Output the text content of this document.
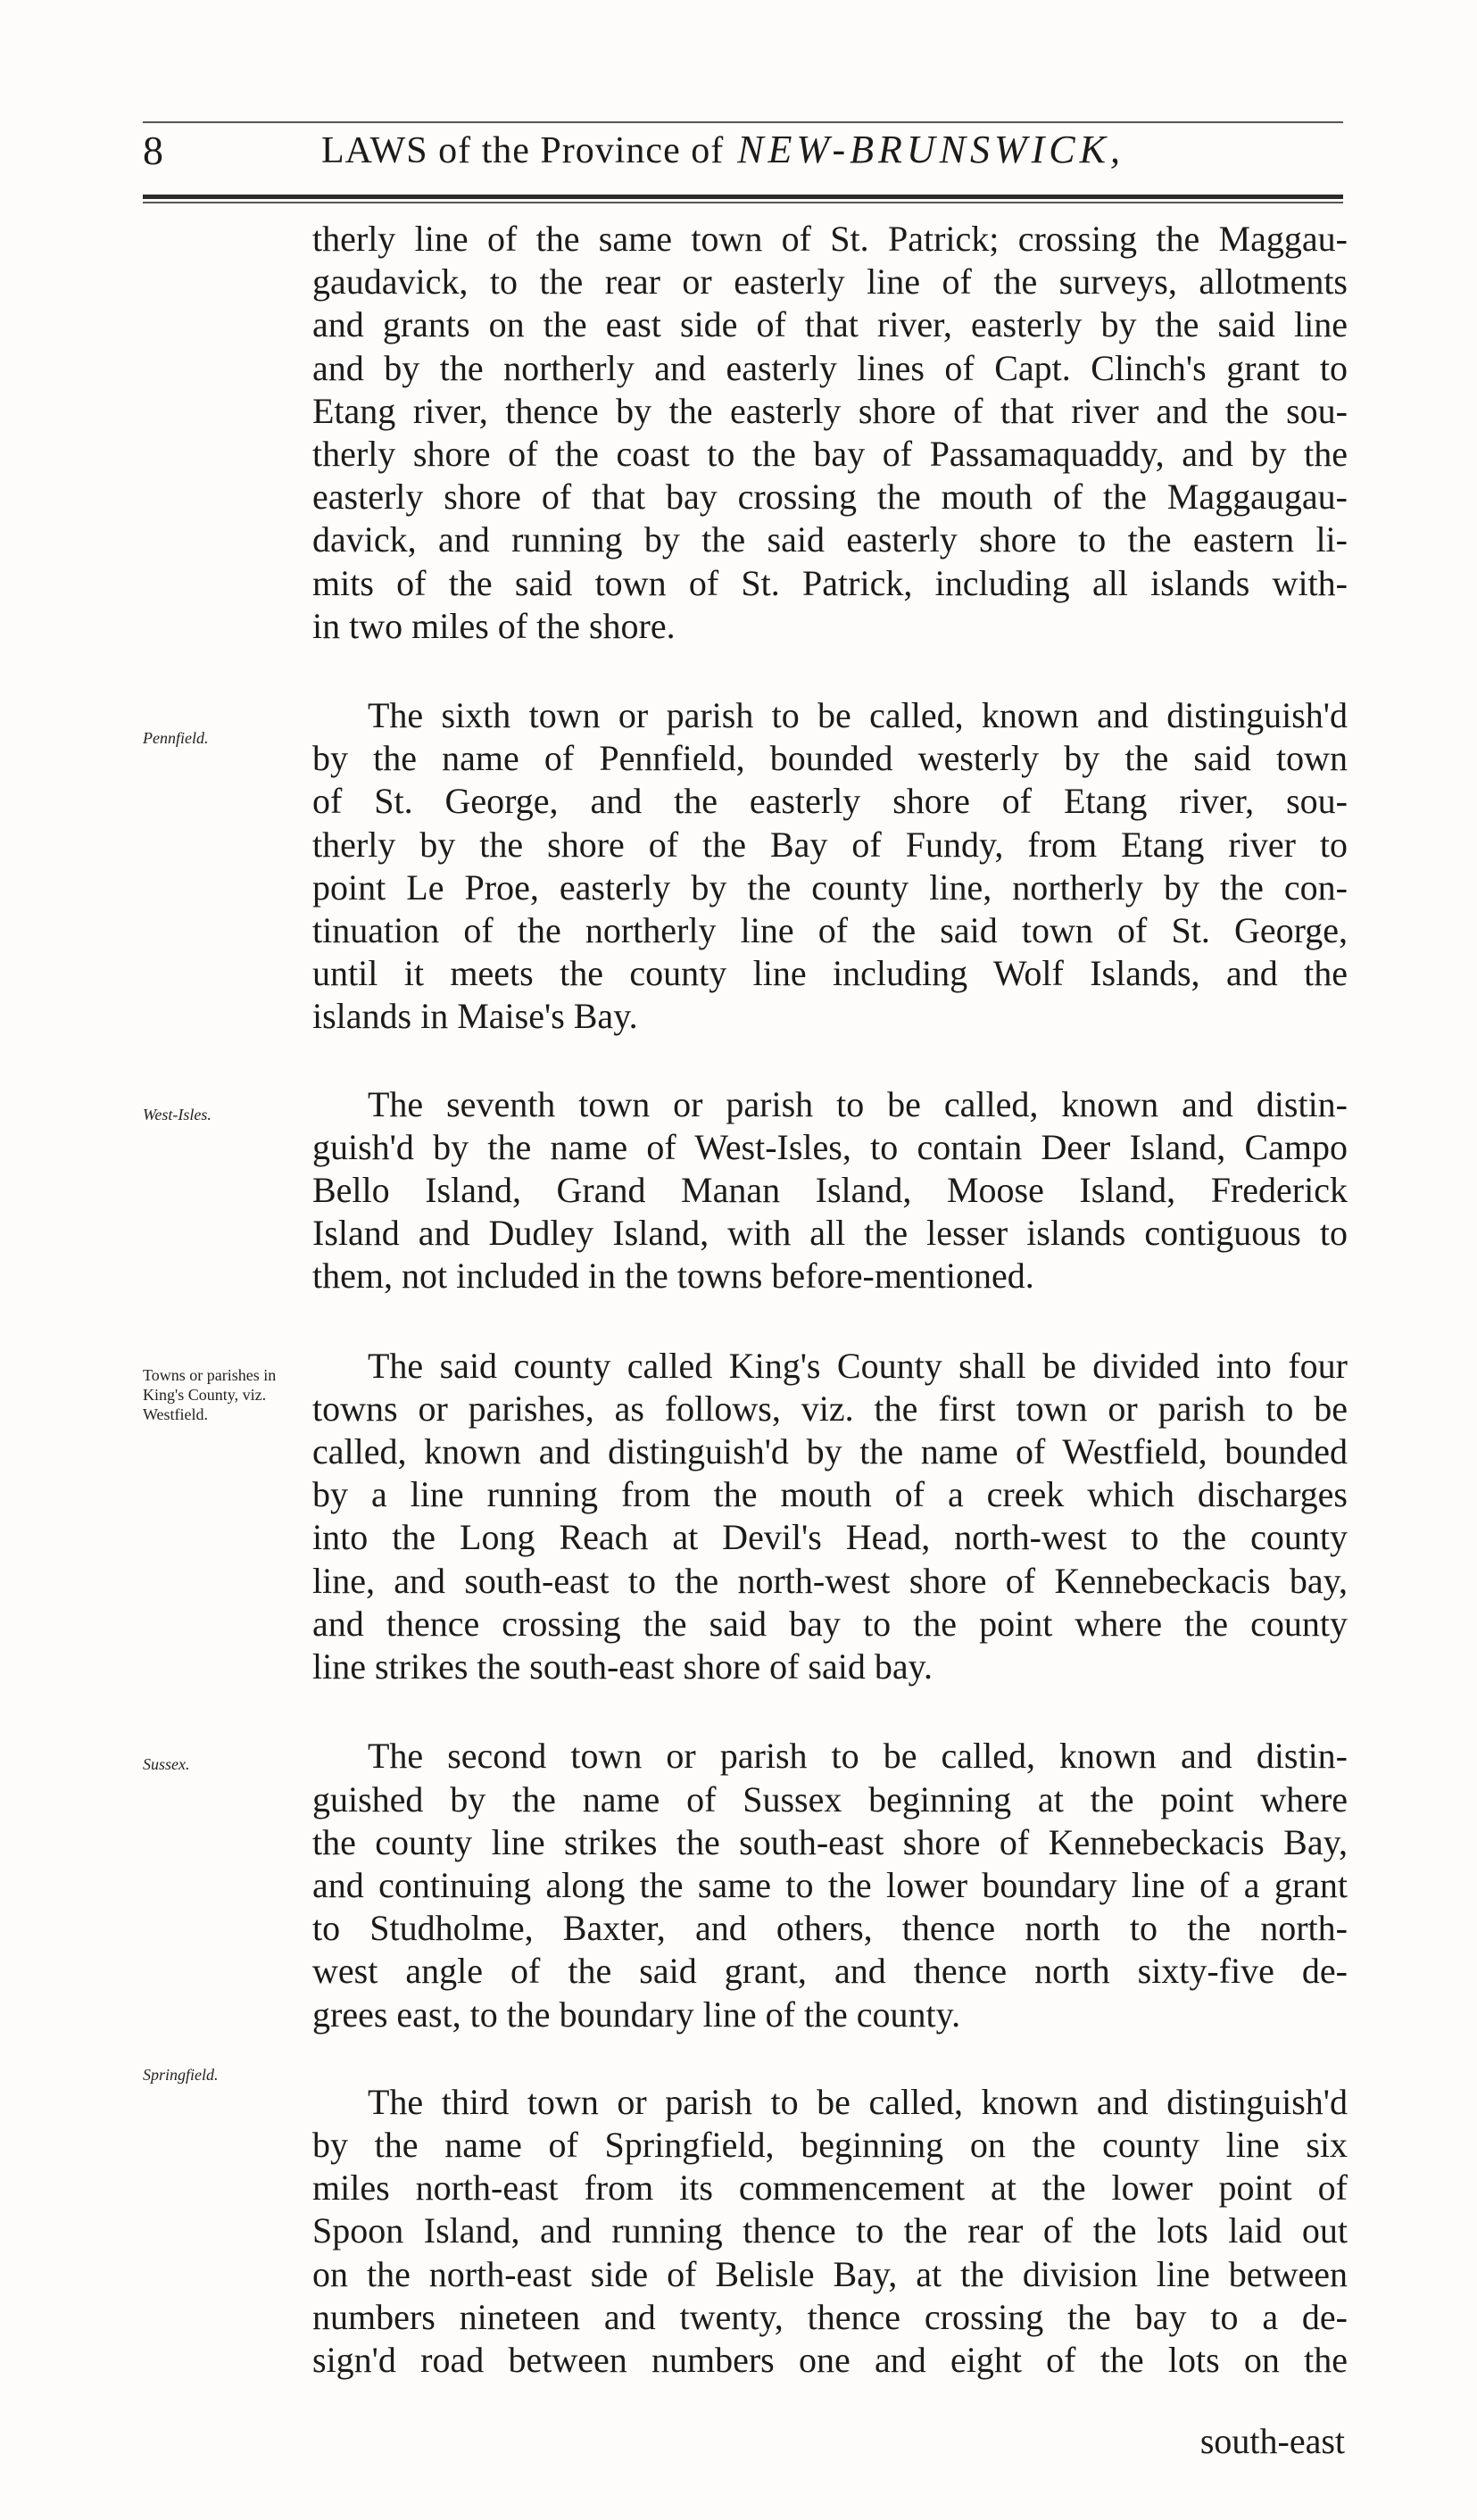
8	LAWS of the Province of NEW-BRUNSWICK,
Pennfield.
West-Isles.
Towns or parishes in King's County, viz. Westfield.
Sussex.
Springfield.
therly line of the same town of St. Patrick; crossing the Maggau-
gaudavick, to the rear or easterly line of the surveys, allotments
and grants on the east side of that river, easterly by the said line
and by the northerly and easterly lines of Capt. Clinch's grant to
Etang river, thence by the easterly shore of that river and the sou-
therly shore of the coast to the bay of Passamaquaddy, and by the
easterly shore of that bay crossing the mouth of the Maggaugau-
davick, and running by the said easterly shore to the eastern li-
mits of the said town of St. Patrick, including all islands with-
in two miles of the shore.
The sixth town or parish to be called, known and distinguish'd
by the name of Pennfield, bounded westerly by the said town
of St. George, and the easterly shore of Etang river, sou-
therly by the shore of the Bay of Fundy, from Etang river to
point Le Proe, easterly by the county line, northerly by the con-
tinuation of the northerly line of the said town of St. George,
until it meets the county line including Wolf Islands, and the
islands in Maise's Bay.
The seventh town or parish to be called, known and distin-
guish'd by the name of West-Isles, to contain Deer Island, Campo
Bello Island, Grand Manan Island, Moose Island, Frederick
Island and Dudley Island, with all the lesser islands contiguous to
them, not included in the towns before-mentioned.
The said county called King's County shall be divided into four
towns or parishes, as follows, viz. the first town or parish to be
called, known and distinguish'd by the name of Westfield, bounded
by a line running from the mouth of a creek which discharges
into the Long Reach at Devil's Head, north-west to the county
line, and south-east to the north-west shore of Kennebeckacis bay,
and thence crossing the said bay to the point where the county
line strikes the south-east shore of said bay.
The second town or parish to be called, known and distin-
guished by the name of Sussex beginning at the point where
the county line strikes the south-east shore of Kennebeckacis Bay,
and continuing along the same to the lower boundary line of a grant
to Studholme, Baxter, and others, thence north to the north-
west angle of the said grant, and thence north sixty-five de-
grees east, to the boundary line of the county.
The third town or parish to be called, known and distinguish'd
by the name of Springfield, beginning on the county line six
miles north-east from its commencement at the lower point of
Spoon Island, and running thence to the rear of the lots laid out
on the north-east side of Belisle Bay, at the division line between
numbers nineteen and twenty, thence crossing the bay to a de-
sign'd road between numbers one and eight of the lots on the
south-east
